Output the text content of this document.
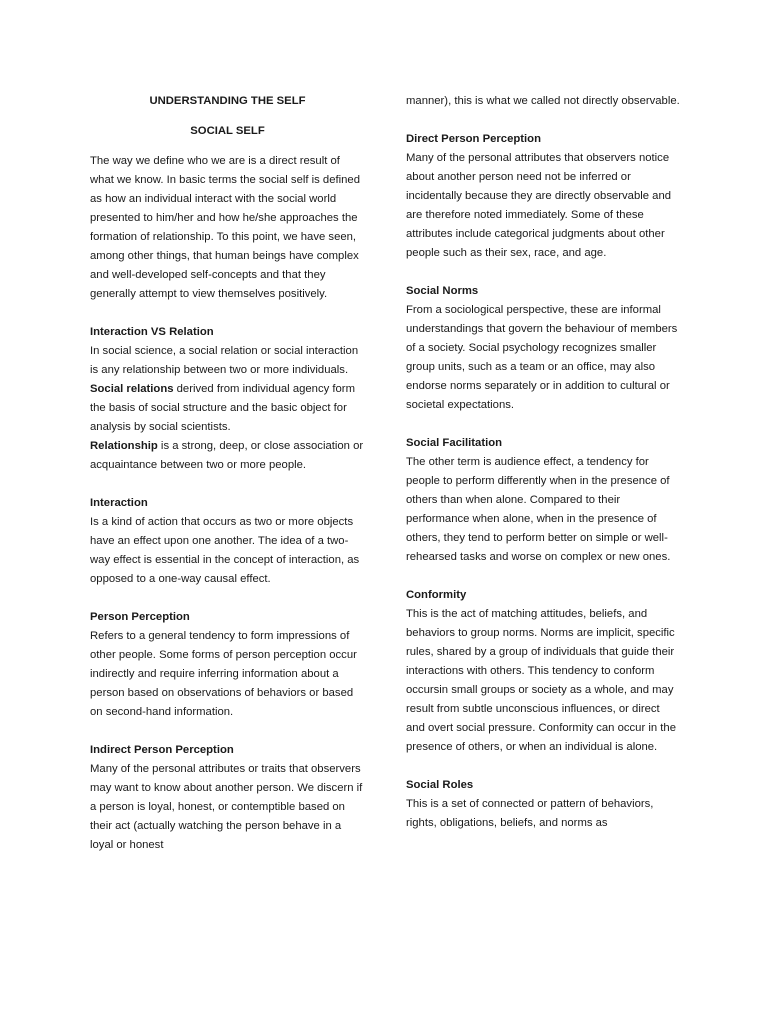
UNDERSTANDING THE SELF

SOCIAL SELF

The way we define who we are is a direct result of what we know. In basic terms the social self is defined as how an individual interact with the social world presented to him/her and how he/she approaches the formation of relationship. To this point, we have seen, among other things, that human beings have complex and well-developed self-concepts and that they generally attempt to view themselves positively.

Interaction VS Relation

In social science, a social relation or social interaction is any relationship between two or more individuals. Social relations derived from individual agency form the basis of social structure and the basic object for analysis by social scientists.

Relationship is a strong, deep, or close association or acquaintance between two or more people.

Interaction

Is a kind of action that occurs as two or more objects have an effect upon one another. The idea of a two-way effect is essential in the concept of interaction, as opposed to a one-way causal effect.

Person Perception

Refers to a general tendency to form impressions of other people. Some forms of person perception occur indirectly and require inferring information about a person based on observations of behaviors or based on second-hand information.

Indirect Person Perception

Many of the personal attributes or traits that observers may want to know about another person. We discern if a person is loyal, honest, or contemptible based on their act (actually watching the person behave in a loyal or honest

manner), this is what we called not directly observable.

Direct Person Perception

Many of the personal attributes that observers notice about another person need not be inferred or incidentally because they are directly observable and are therefore noted immediately. Some of these attributes include categorical judgments about other people such as their sex, race, and age.

Social Norms

From a sociological perspective, these are informal understandings that govern the behaviour of members of a society. Social psychology recognizes smaller group units, such as a team or an office, may also endorse norms separately or in addition to cultural or societal expectations.

Social Facilitation

The other term is audience effect, a tendency for people to perform differently when in the presence of others than when alone. Compared to their performance when alone, when in the presence of others, they tend to perform better on simple or well-rehearsed tasks and worse on complex or new ones.

Conformity

This is the act of matching attitudes, beliefs, and behaviors to group norms. Norms are implicit, specific rules, shared by a group of individuals that guide their interactions with others. This tendency to conform occursin small groups or society as a whole, and may result from subtle unconscious influences, or direct and overt social pressure. Conformity can occur in the presence of others, or when an individual is alone.

Social Roles

This is a set of connected or pattern of behaviors, rights, obligations, beliefs, and norms as
